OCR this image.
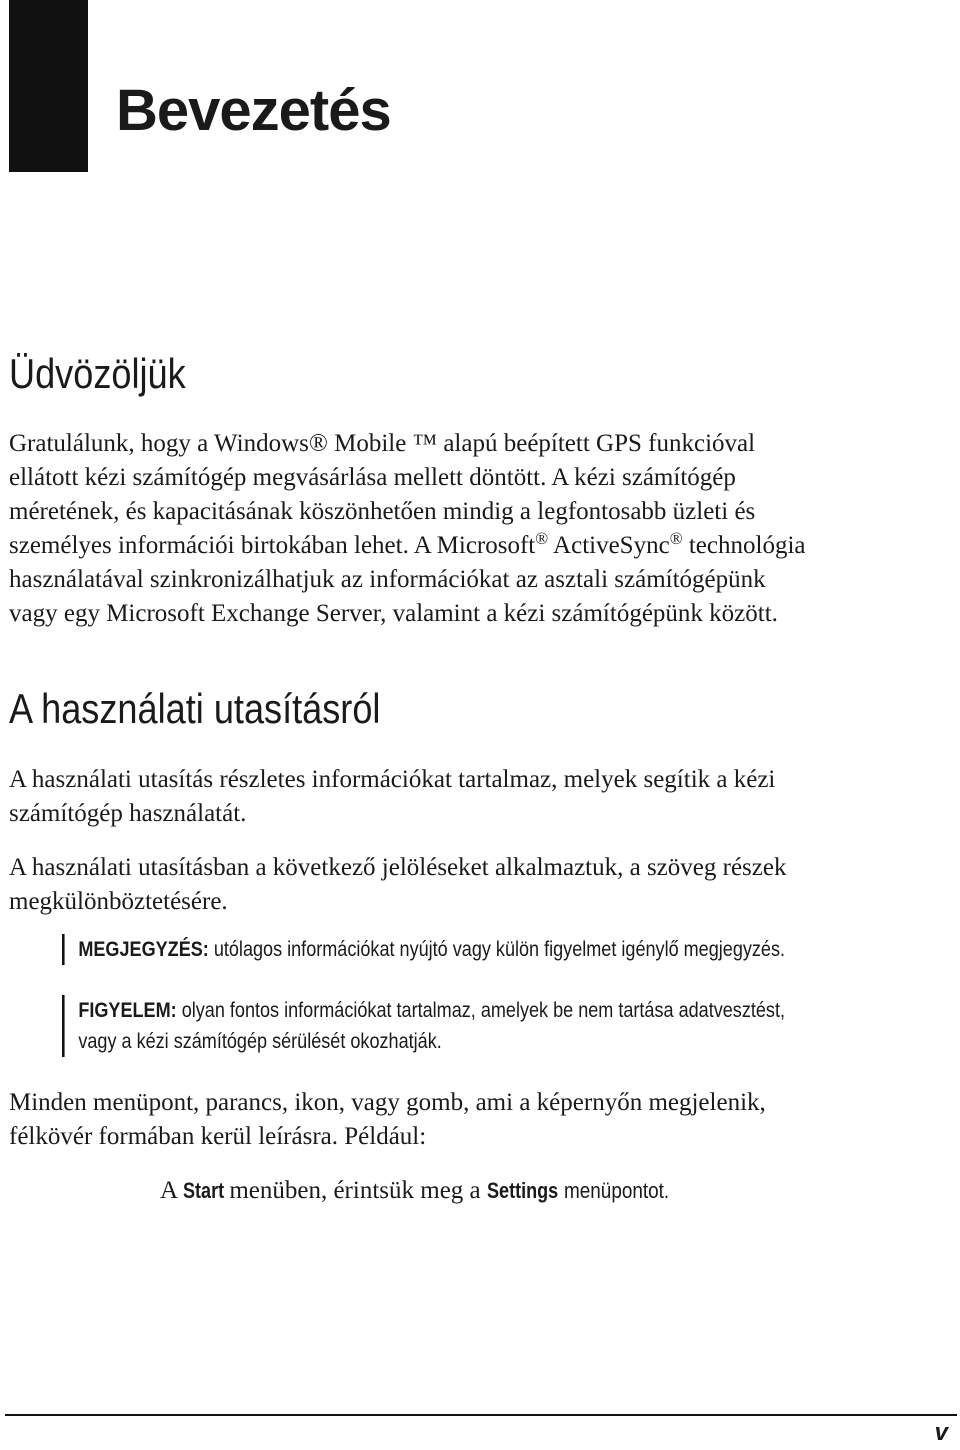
Bevezetés
Üdvözöljük

Gratulálunk, hogy a Windows® Mobile ™ alapú beépített GPS funkcióval
ellátott kézi számítógép megvásárlása mellett döntött. A kézi számítógép
méretének, és kapacitásának köszönhetően mindig a legfontosabb üzleti és
személyes információi birtokában lehet. A Microsoft® ActiveSync® technológia
használatával szinkronizálhatjuk az információkat az asztali számítógépünk
vagy egy Microsoft Exchange Server, valamint a kézi számítógépünk között.

A használati utasításról

A használati utasítás részletes információkat tartalmaz, melyek segítik a kézi
számítógép használatát.

A használati utasításban a következő jelöléseket alkalmaztuk, a szöveg részek
megkülönböztetésére.

MEGJEGYZÉS: utólagos információkat nyújtó vagy külön figyelmet igénylő megjegyzés.

FIGYELEM: olyan fontos információkat tartalmaz, amelyek be nem tartása adatvesztést,
vagy a kézi számítógép sérülését okozhatják.

Minden menüpont, parancs, ikon, vagy gomb, ami a képernyőn megjelenik,
félkövér formában kerül leírásra. Például:

A Start menüben, érintsük meg a Settingsmenüpontot.

v
